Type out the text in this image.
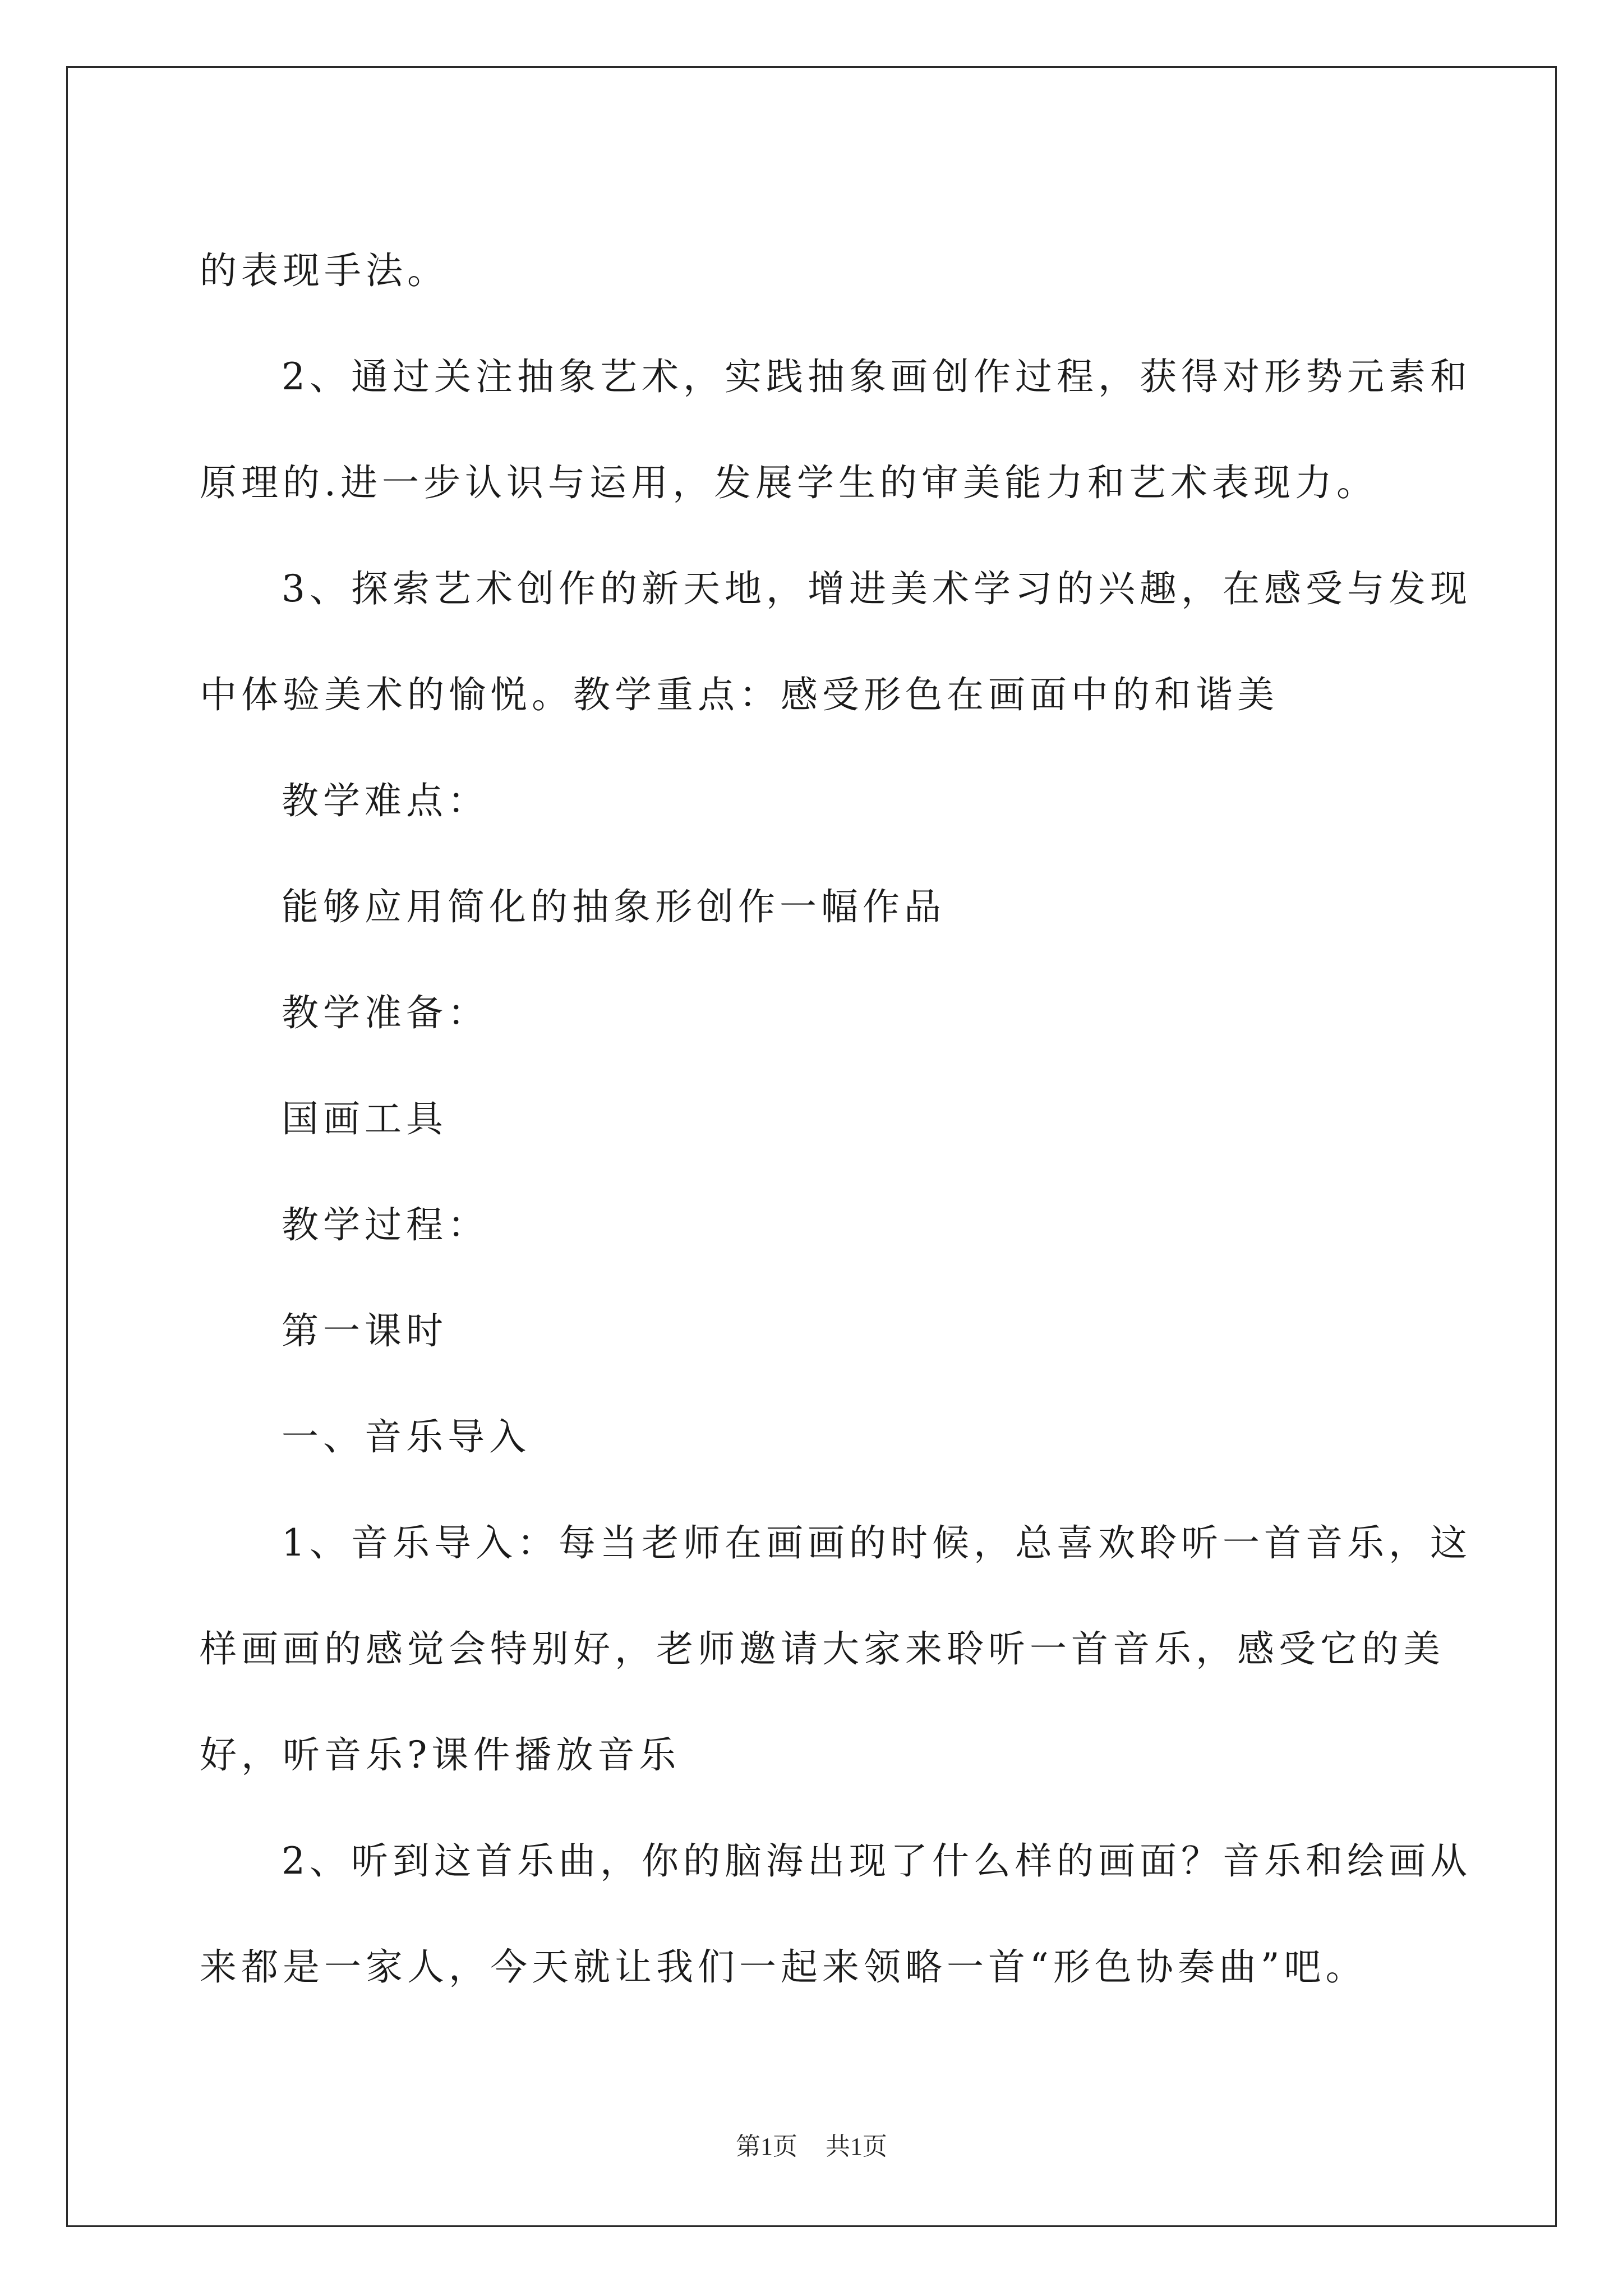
的表现手法。

2、通过关注抽象艺术，实践抽象画创作过程，获得对形势元素和

原理的.进一步认识与运用，发展学生的审美能力和艺术表现力。

3、探索艺术创作的新天地，增进美术学习的兴趣，在感受与发现

中体验美术的愉悦。教学重点：感受形色在画面中的和谐美

教学难点：

能够应用简化的抽象形创作一幅作品

教学准备：

国画工具

教学过程：

第一课时

一、音乐导入

1、音乐导入：每当老师在画画的时候，总喜欢聆听一首音乐，这

样画画的感觉会特别好，老师邀请大家来聆听一首音乐，感受它的美

好，听音乐?课件播放音乐

2、听到这首乐曲，你的脑海出现了什么样的画面？音乐和绘画从

来都是一家人，今天就让我们一起来领略一首“形色协奏曲”吧。

第1页 共1页
